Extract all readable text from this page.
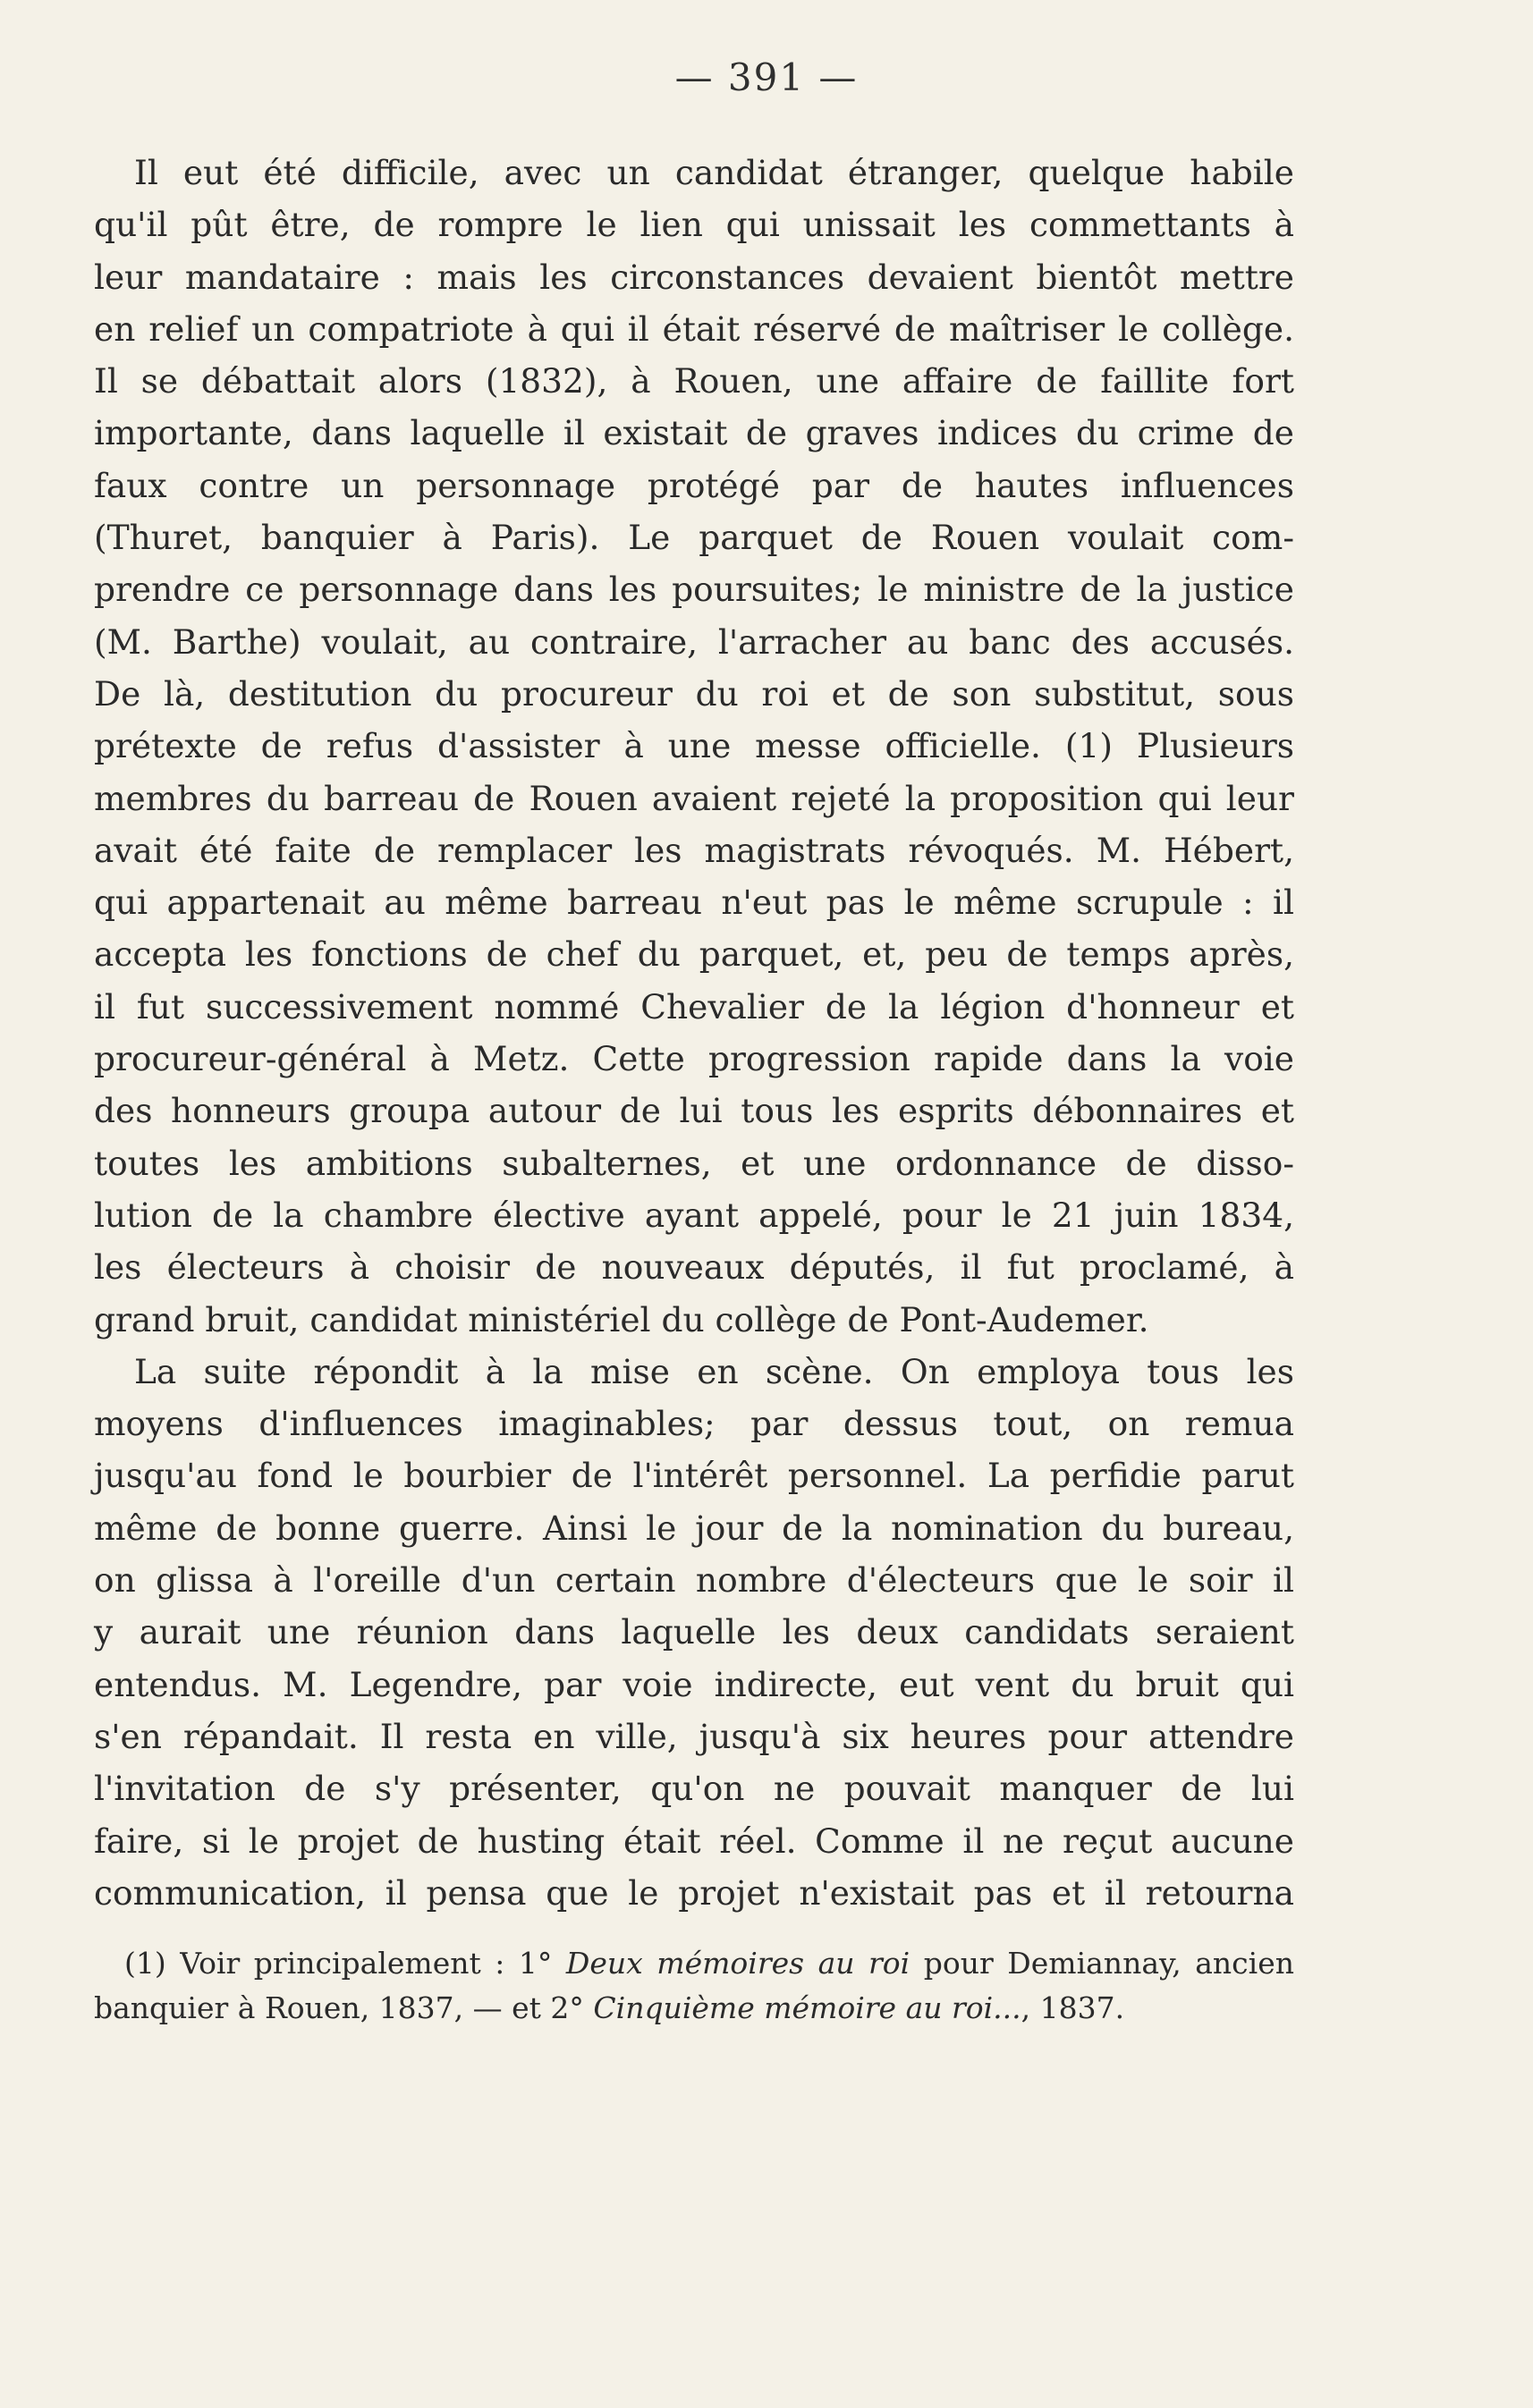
— 391 —
Il eut été difficile, avec un candidat étranger, quelque habile
qu'il pût être, de rompre le lien qui unissait les commettants à
leur mandataire : mais les circonstances devaient bientôt mettre
en relief un compatriote à qui il était réservé de maîtriser le collège.
Il se débattait alors (1832), à Rouen, une affaire de faillite fort
importante, dans laquelle il existait de graves indices du crime de
faux contre un personnage protégé par de hautes influences
(Thuret, banquier à Paris). Le parquet de Rouen voulait com-
prendre ce personnage dans les poursuites; le ministre de la justice
(M. Barthe) voulait, au contraire, l'arracher au banc des accusés.
De là, destitution du procureur du roi et de son substitut, sous
prétexte de refus d'assister à une messe officielle. (1) Plusieurs
membres du barreau de Rouen avaient rejeté la proposition qui leur
avait été faite de remplacer les magistrats révoqués. M. Hébert,
qui appartenait au même barreau n'eut pas le même scrupule : il
accepta les fonctions de chef du parquet, et, peu de temps après,
il fut successivement nommé Chevalier de la légion d'honneur et
procureur-général à Metz. Cette progression rapide dans la voie
des honneurs groupa autour de lui tous les esprits débonnaires et
toutes les ambitions subalternes, et une ordonnance de disso-
lution de la chambre élective ayant appelé, pour le 21 juin 1834,
les électeurs à choisir de nouveaux députés, il fut proclamé, à
grand bruit, candidat ministériel du collège de Pont-Audemer.
La suite répondit à la mise en scène. On employa tous les
moyens d'influences imaginables; par dessus tout, on remua
jusqu'au fond le bourbier de l'intérêt personnel. La perfidie parut
même de bonne guerre. Ainsi le jour de la nomination du bureau,
on glissa à l'oreille d'un certain nombre d'électeurs que le soir il
y aurait une réunion dans laquelle les deux candidats seraient
entendus. M. Legendre, par voie indirecte, eut vent du bruit qui
s'en répandait. Il resta en ville, jusqu'à six heures pour attendre
l'invitation de s'y présenter, qu'on ne pouvait manquer de lui
faire, si le projet de husting était réel. Comme il ne reçut aucune
communication, il pensa que le projet n'existait pas et il retourna
(1) Voir principalement : 1° Deux mémoires au roi pour Demiannay, ancien
banquier à Rouen, 1837, — et 2° Cinquième mémoire au roi..., 1837.
